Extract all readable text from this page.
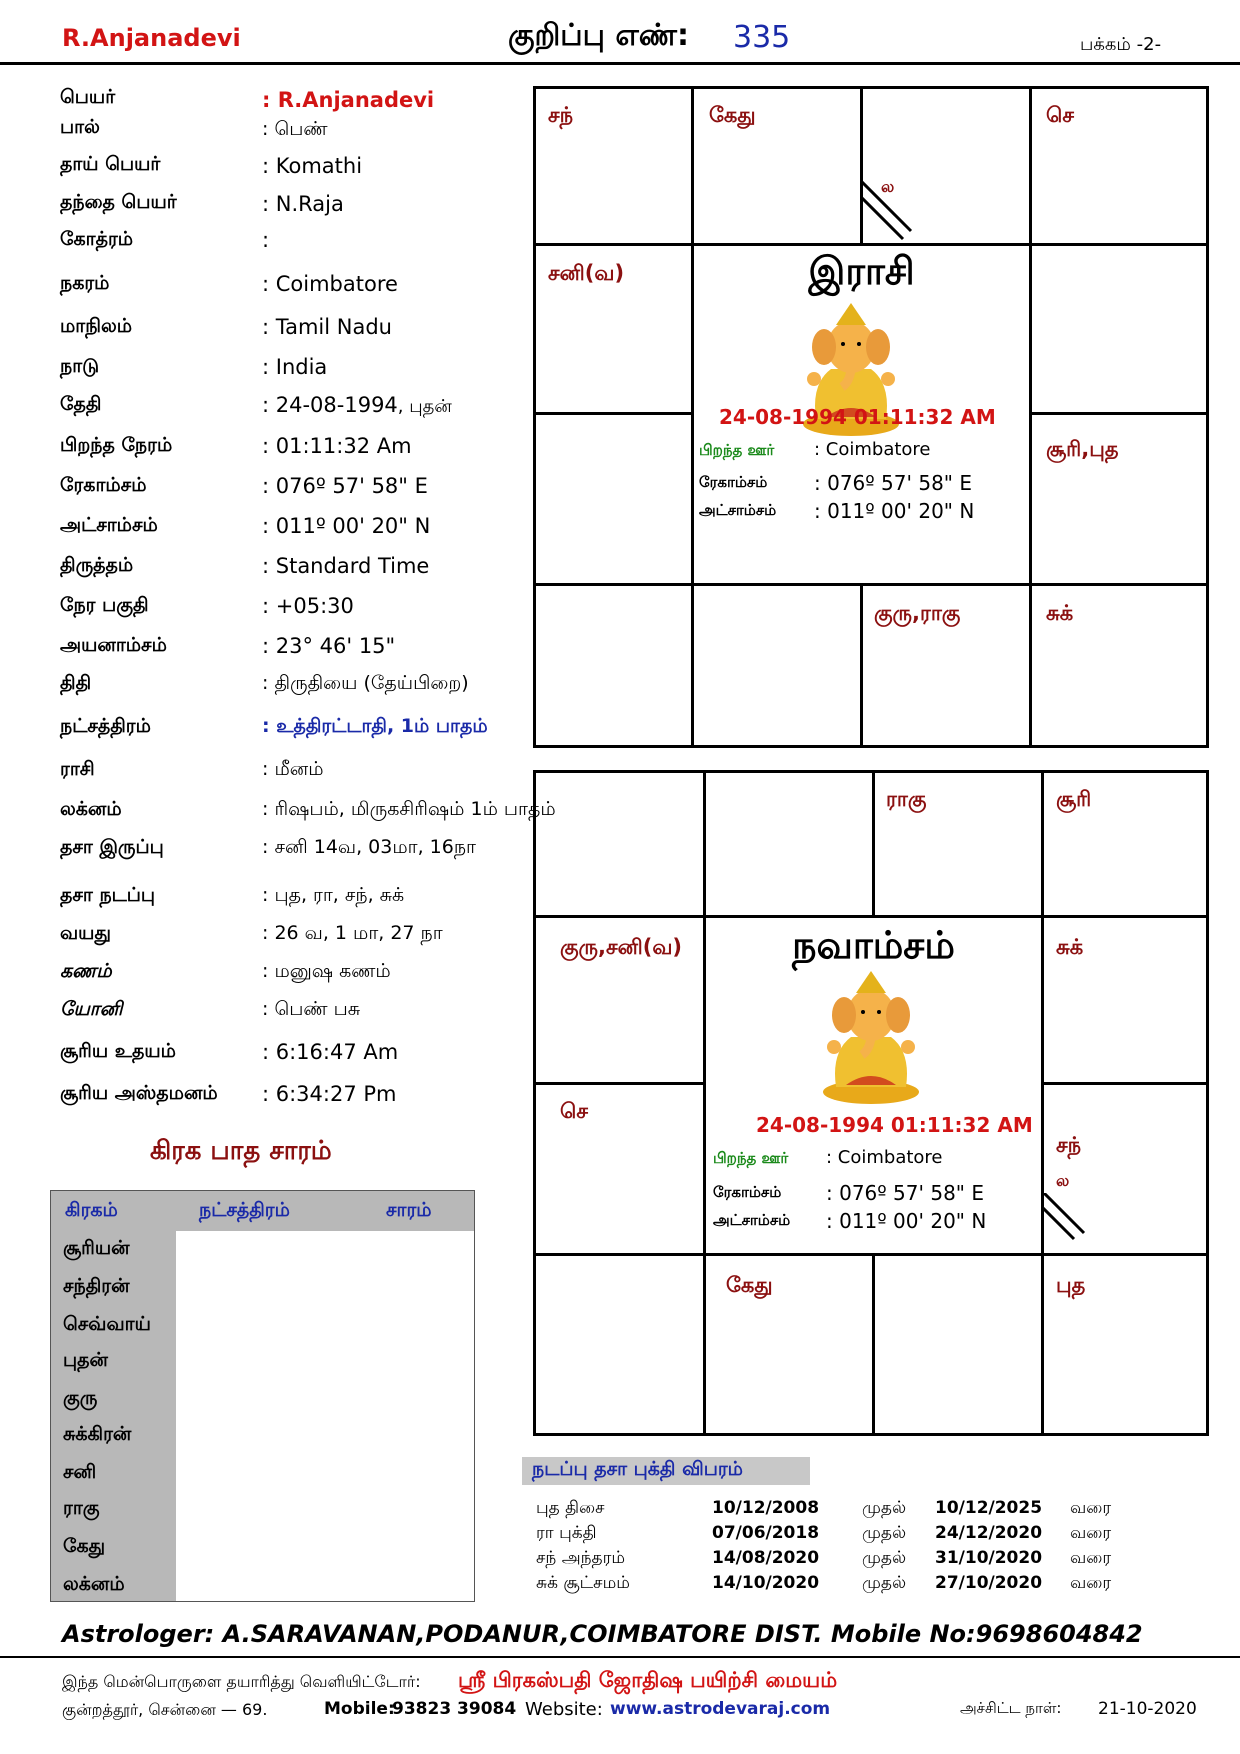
R.Anjanadevi	குறிப்பு எண்: 335	பக்கம் -2-
பெயர்	: R.Anjanadevi
பால்	: பெண்
தாய் பெயர்	: Komathi
தந்தை பெயர்	: N.Raja
கோத்ரம்	:
நகரம்	: Coimbatore
மாநிலம்	: Tamil Nadu
நாடு	: India
தேதி	: 24-08-1994, புதன்
பிறந்த நேரம்	: 01:11:32 Am
ரேகாம்சம்	: 076º 57' 58" E
அட்சாம்சம்	: 011º 00' 20" N
திருத்தம்	: Standard Time
நேர பகுதி	: +05:30
அயனாம்சம்	: 23° 46' 15"
திதி	: திருதியை (தேய்பிறை)
நட்சத்திரம்	: உத்திரட்டாதி, 1ம் பாதம்
ராசி	: மீனம்
லக்னம்	: ரிஷபம், மிருகசிரிஷம் 1ம் பாதம்
தசா இருப்பு	: சனி 14வ, 03மா, 16நா
தசா நடப்பு	: புத, ரா, சந், சுக்
வயது	: 26 வ, 1 மா, 27 நா
கணம்	: மனுஷ கணம்
யோனி	: பெண் பசு
சூரிய உதயம்	: 6:16:47 Am
சூரிய அஸ்தமனம் : 6:34:27 Pm
கிரக பாத சாரம்
கிரகம்	நட்சத்திரம்	சாரம்
சூரியன்
சந்திரன்
செவ்வாய்
புதன்
குரு
சுக்கிரன்
சனி
ராகு
கேது
லக்னம்
சந்	கேது
ல
செ
சனி(வ)
சூரி,புத
குரு,ராகு	சுக்
இராசி
24-08-1994 01:11:32 AM
பிறந்த ஊர் : Coimbatore
ரேகாம்சம் : 076º 57' 58" E
அட்சாம்சம் : 011º 00' 20" N
ராகு	சூரி
குரு,சனி(வ)	சுக்
செ
சந்
ல
கேது	புத
நவாம்சம்
24-08-1994 01:11:32 AM
பிறந்த ஊர் : Coimbatore
ரேகாம்சம் : 076º 57' 58" E
அட்சாம்சம் : 011º 00' 20" N
நடப்பு தசா புக்தி விபரம்
புத திசை	10/12/2008	முதல் 10/12/2025 வரை
ரா புக்தி	07/06/2018	முதல் 24/12/2020 வரை
சந் அந்தரம்	14/08/2020	முதல் 31/10/2020 வரை
சுக் சூட்சமம்	14/10/2020	முதல் 27/10/2020 வரை
Astrologer: A.SARAVANAN,PODANUR,COIMBATORE DIST. Mobile No:9698604842
இந்த மென்பொருளை தயாரித்து வெளியிட்டோர்: ஸ்ரீ பிரகஸ்பதி ஜோதிஷ பயிற்சி மையம்
குன்றத்தூர், சென்னை — 69.	Mobile:
93823 39084 Website: www.astrodevaraj.com	அச்சிட்ட நாள்: 21-10-2020
